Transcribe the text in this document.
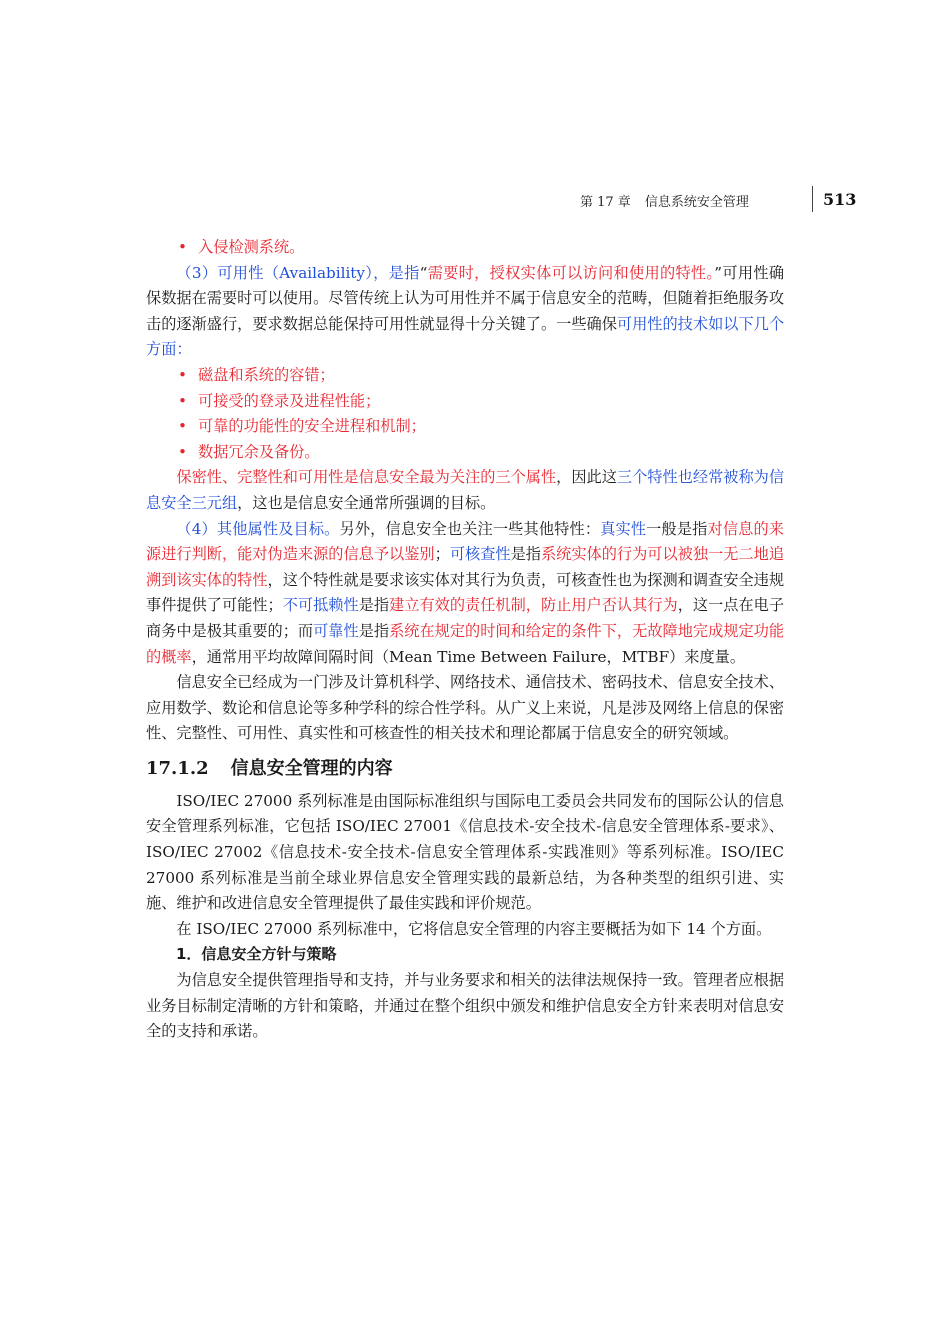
第 17 章 信息系统安全管理	513
• 入侵检测系统。

（3）可用性（Availability），是指“需要时，授权实体可以访问和使用的特性。”可用性确保数据在需要时可以使用。尽管传统上认为可用性并不属于信息安全的范畴，但随着拒绝服务攻击的逐渐盛行，要求数据总能保持可用性就显得十分关键了。一些确保可用性的技术如以下几个方面：

• 磁盘和系统的容错；
• 可接受的登录及进程性能；
• 可靠的功能性的安全进程和机制；
• 数据冗余及备份。

保密性、完整性和可用性是信息安全最为关注的三个属性，因此这三个特性也经常被称为信息安全三元组，这也是信息安全通常所强调的目标。

（4）其他属性及目标。另外，信息安全也关注一些其他特性：真实性一般是指对信息的来源进行判断，能对伪造来源的信息予以鉴别；可核查性是指系统实体的行为可以被独一无二地追溯到该实体的特性，这个特性就是要求该实体对其行为负责，可核查性也为探测和调查安全违规事件提供了可能性；不可抵赖性是指建立有效的责任机制，防止用户否认其行为，这一点在电子商务中是极其重要的；而可靠性是指系统在规定的时间和给定的条件下，无故障地完成规定功能的概率，通常用平均故障间隔时间（Mean Time Between Failure，MTBF）来度量。

信息安全已经成为一门涉及计算机科学、网络技术、通信技术、密码技术、信息安全技术、应用数学、数论和信息论等多种学科的综合性学科。从广义上来说，凡是涉及网络上信息的保密性、完整性、可用性、真实性和可核查性的相关技术和理论都属于信息安全的研究领域。

17.1.2 信息安全管理的内容

ISO/IEC 27000 系列标准是由国际标准组织与国际电工委员会共同发布的国际公认的信息安全管理系列标准，它包括 ISO/IEC 27001《信息技术-安全技术-信息安全管理体系-要求》、ISO/IEC 27002《信息技术-安全技术-信息安全管理体系-实践准则》等系列标准。ISO/IEC 27000 系列标准是当前全球业界信息安全管理实践的最新总结，为各种类型的组织引进、实施、维护和改进信息安全管理提供了最佳实践和评价规范。

在 ISO/IEC 27000 系列标准中，它将信息安全管理的内容主要概括为如下 14 个方面。

1．信息安全方针与策略

为信息安全提供管理指导和支持，并与业务要求和相关的法律法规保持一致。管理者应根据业务目标制定清晰的方针和策略，并通过在整个组织中颁发和维护信息安全方针来表明对信息安全的支持和承诺。
